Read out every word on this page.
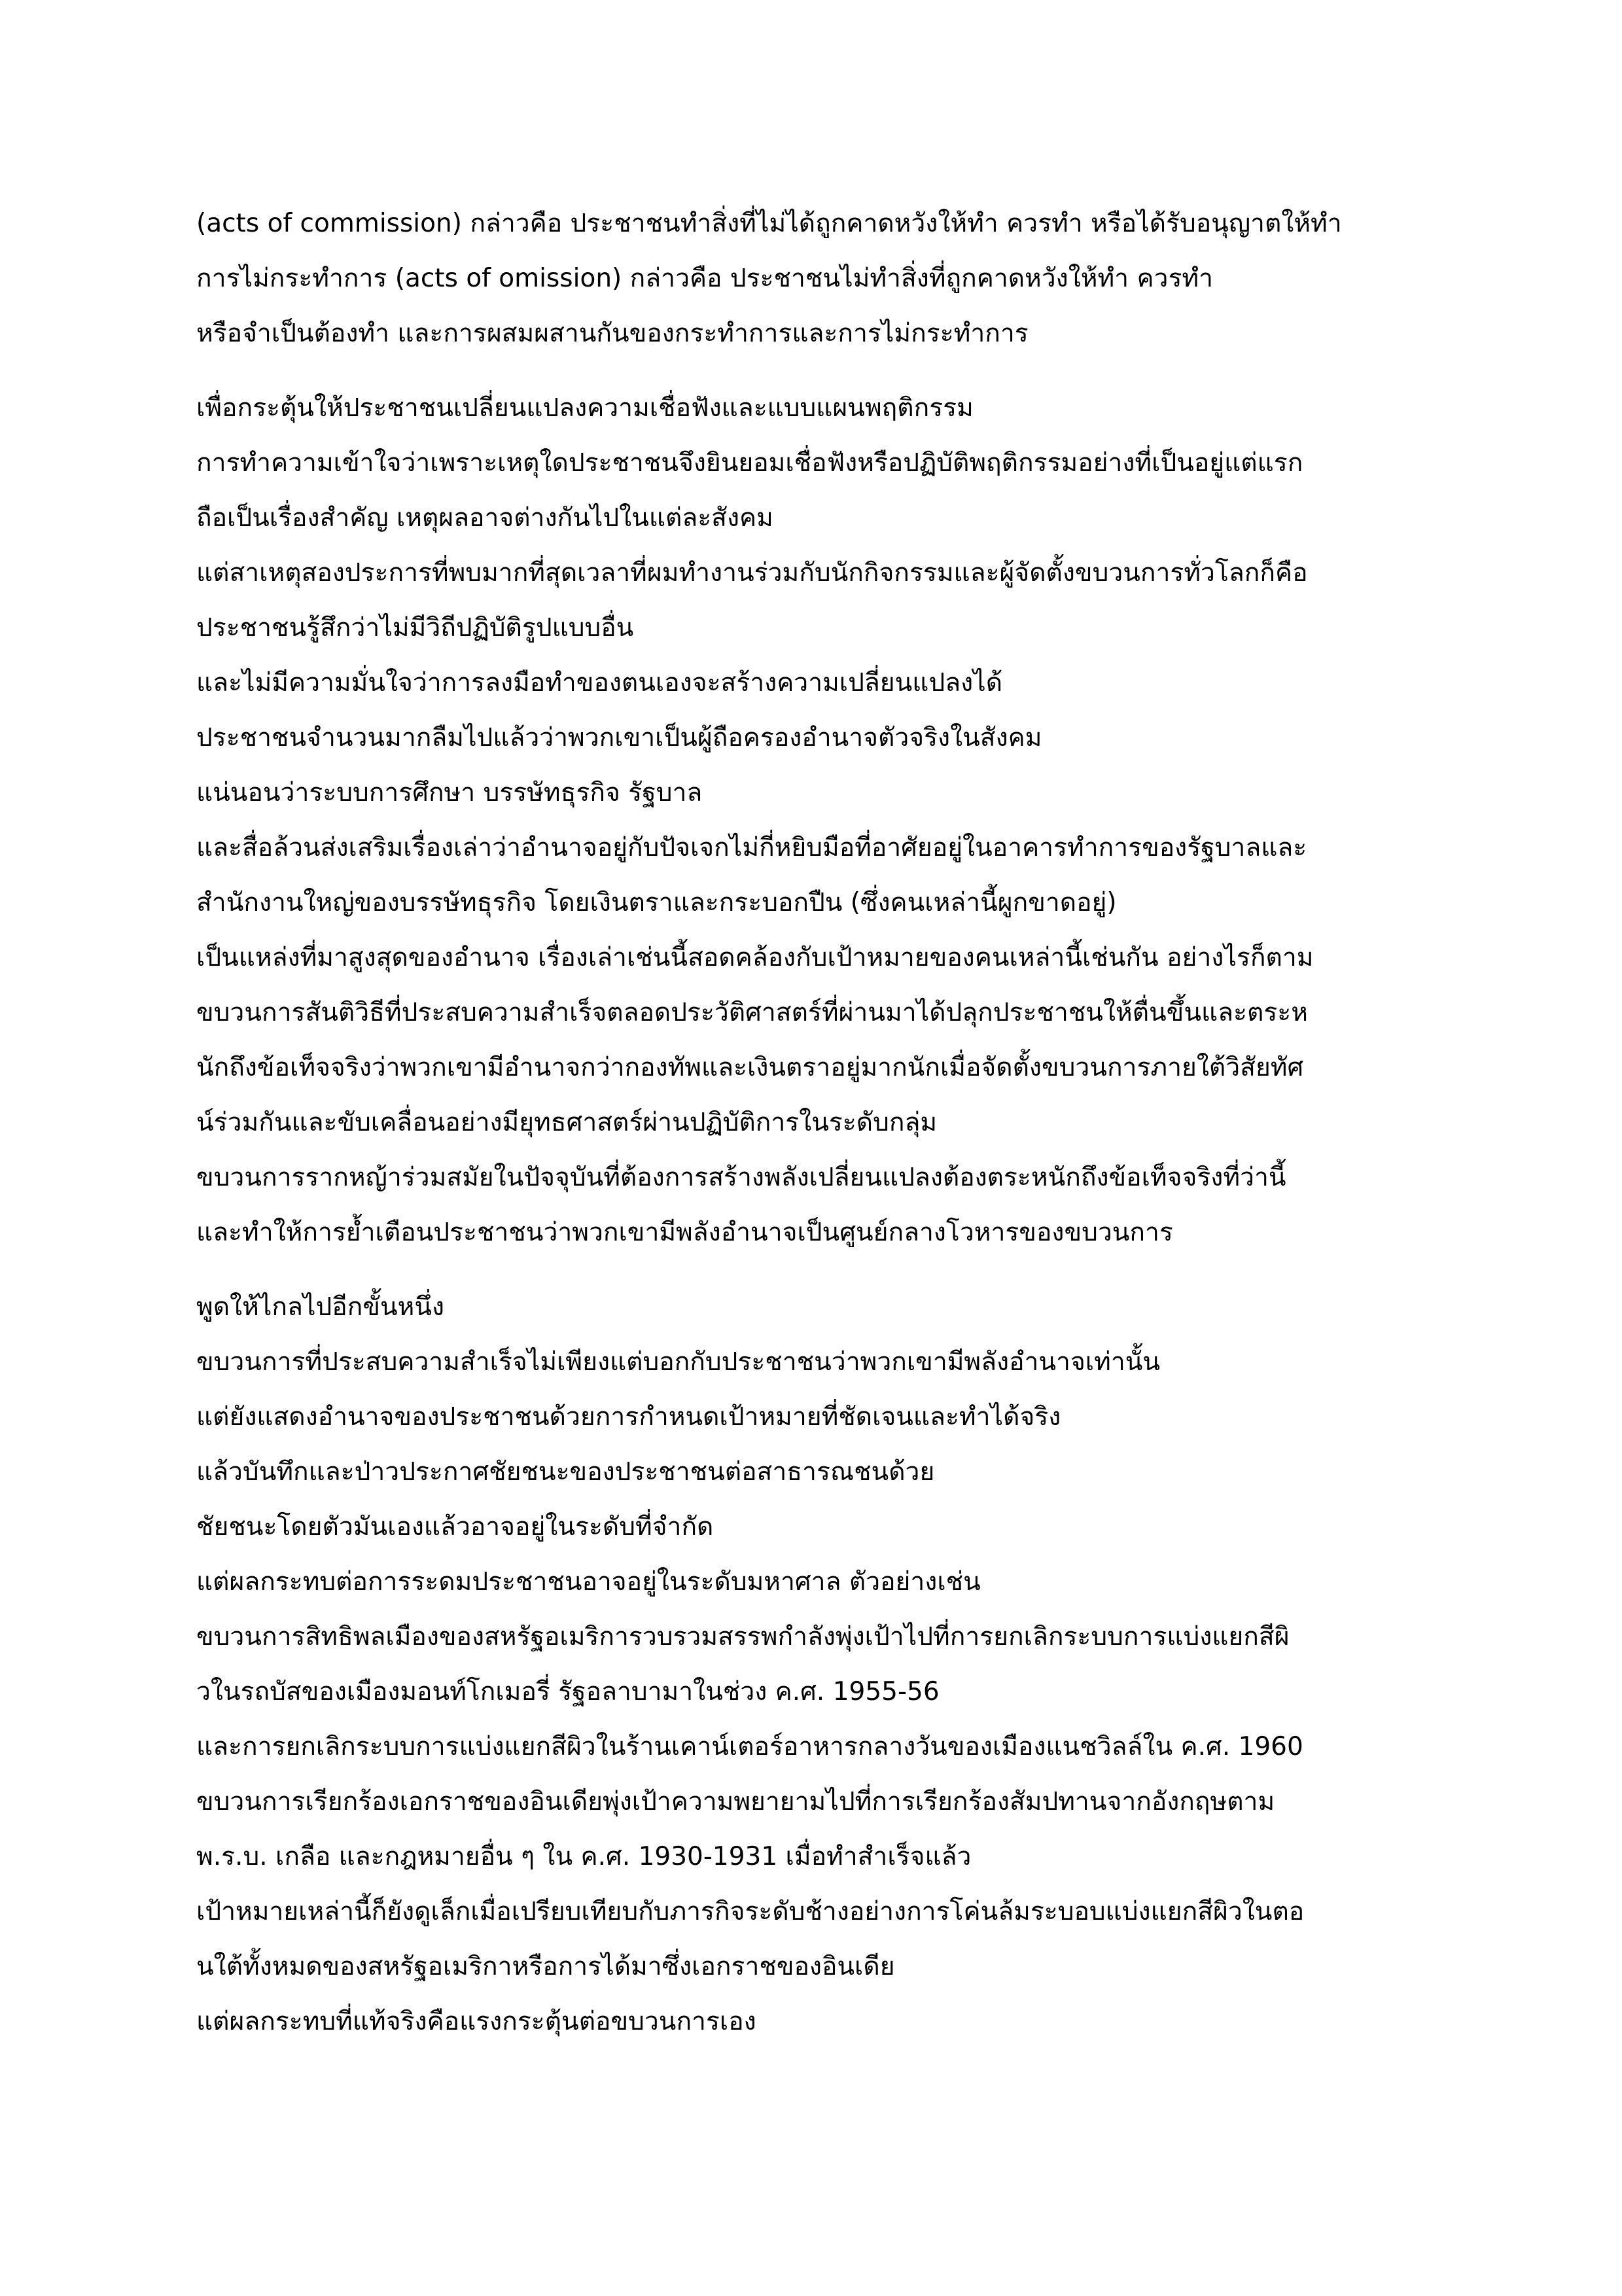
(acts of commission) กล่าวคือ ประชาชนทำสิ่งที่ไม่ได้ถูกคาดหวังให้ทำ ควรทำ หรือได้รับอนุญาตให้ทำ
การไม่กระทำการ (acts of omission) กล่าวคือ ประชาชนไม่ทำสิ่งที่ถูกคาดหวังให้ทำ ควรทำ
หรือจำเป็นต้องทำ และการผสมผสานกันของกระทำการและการไม่กระทำการ
เพื่อกระตุ้นให้ประชาชนเปลี่ยนแปลงความเชื่อฟังและแบบแผนพฤติกรรม
การทำความเข้าใจว่าเพราะเหตุใดประชาชนจึงยินยอมเชื่อฟังหรือปฏิบัติพฤติกรรมอย่างที่เป็นอยู่แต่แรก
ถือเป็นเรื่องสำคัญ เหตุผลอาจต่างกันไปในแต่ละสังคม
แต่สาเหตุสองประการที่พบมากที่สุดเวลาที่ผมทำงานร่วมกับนักกิจกรรมและผู้จัดตั้งขบวนการทั่วโลกก็คือ
ประชาชนรู้สึกว่าไม่มีวิถีปฏิบัติรูปแบบอื่น
และไม่มีความมั่นใจว่าการลงมือทำของตนเองจะสร้างความเปลี่ยนแปลงได้
ประชาชนจำนวนมากลืมไปแล้วว่าพวกเขาเป็นผู้ถือครองอำนาจตัวจริงในสังคม
แน่นอนว่าระบบการศึกษา บรรษัทธุรกิจ รัฐบาล
และสื่อล้วนส่งเสริมเรื่องเล่าว่าอำนาจอยู่กับปัจเจกไม่กี่หยิบมือที่อาศัยอยู่ในอาคารทำการของรัฐบาลและ
สำนักงานใหญ่ของบรรษัทธุรกิจ โดยเงินตราและกระบอกปืน (ซึ่งคนเหล่านี้ผูกขาดอยู่)
เป็นแหล่งที่มาสูงสุดของอำนาจ เรื่องเล่าเช่นนี้สอดคล้องกับเป้าหมายของคนเหล่านี้เช่นกัน อย่างไรก็ตาม
ขบวนการสันติวิธีที่ประสบความสำเร็จตลอดประวัติศาสตร์ที่ผ่านมาได้ปลุกประชาชนให้ตื่นขึ้นและตระห
นักถึงข้อเท็จจริงว่าพวกเขามีอำนาจกว่ากองทัพและเงินตราอยู่มากนักเมื่อจัดตั้งขบวนการภายใต้วิสัยทัศ
น์ร่วมกันและขับเคลื่อนอย่างมียุทธศาสตร์ผ่านปฏิบัติการในระดับกลุ่ม
ขบวนการรากหญ้าร่วมสมัยในปัจจุบันที่ต้องการสร้างพลังเปลี่ยนแปลงต้องตระหนักถึงข้อเท็จจริงที่ว่านี้
และทำให้การย้ำเตือนประชาชนว่าพวกเขามีพลังอำนาจเป็นศูนย์กลางโวหารของขบวนการ
พูดให้ไกลไปอีกขั้นหนึ่ง
ขบวนการที่ประสบความสำเร็จไม่เพียงแต่บอกกับประชาชนว่าพวกเขามีพลังอำนาจเท่านั้น
แต่ยังแสดงอำนาจของประชาชนด้วยการกำหนดเป้าหมายที่ชัดเจนและทำได้จริง
แล้วบันทึกและป่าวประกาศชัยชนะของประชาชนต่อสาธารณชนด้วย
ชัยชนะโดยตัวมันเองแล้วอาจอยู่ในระดับที่จำกัด
แต่ผลกระทบต่อการระดมประชาชนอาจอยู่ในระดับมหาศาล ตัวอย่างเช่น
ขบวนการสิทธิพลเมืองของสหรัฐอเมริการวบรวมสรรพกำลังพุ่งเป้าไปที่การยกเลิกระบบการแบ่งแยกสีผิ
วในรถบัสของเมืองมอนท์โกเมอรี่ รัฐอลาบามาในช่วง ค.ศ. 1955-56
และการยกเลิกระบบการแบ่งแยกสีผิวในร้านเคาน์เตอร์อาหารกลางวันของเมืองแนชวิลล์ใน ค.ศ. 1960
ขบวนการเรียกร้องเอกราชของอินเดียพุ่งเป้าความพยายามไปที่การเรียกร้องสัมปทานจากอังกฤษตาม
พ.ร.บ. เกลือ และกฎหมายอื่น ๆ ใน ค.ศ. 1930-1931 เมื่อทำสำเร็จแล้ว
เป้าหมายเหล่านี้ก็ยังดูเล็กเมื่อเปรียบเทียบกับภารกิจระดับช้างอย่างการโค่นล้มระบอบแบ่งแยกสีผิวในตอ
นใต้ทั้งหมดของสหรัฐอเมริกาหรือการได้มาซึ่งเอกราชของอินเดีย
แต่ผลกระทบที่แท้จริงคือแรงกระตุ้นต่อขบวนการเอง
